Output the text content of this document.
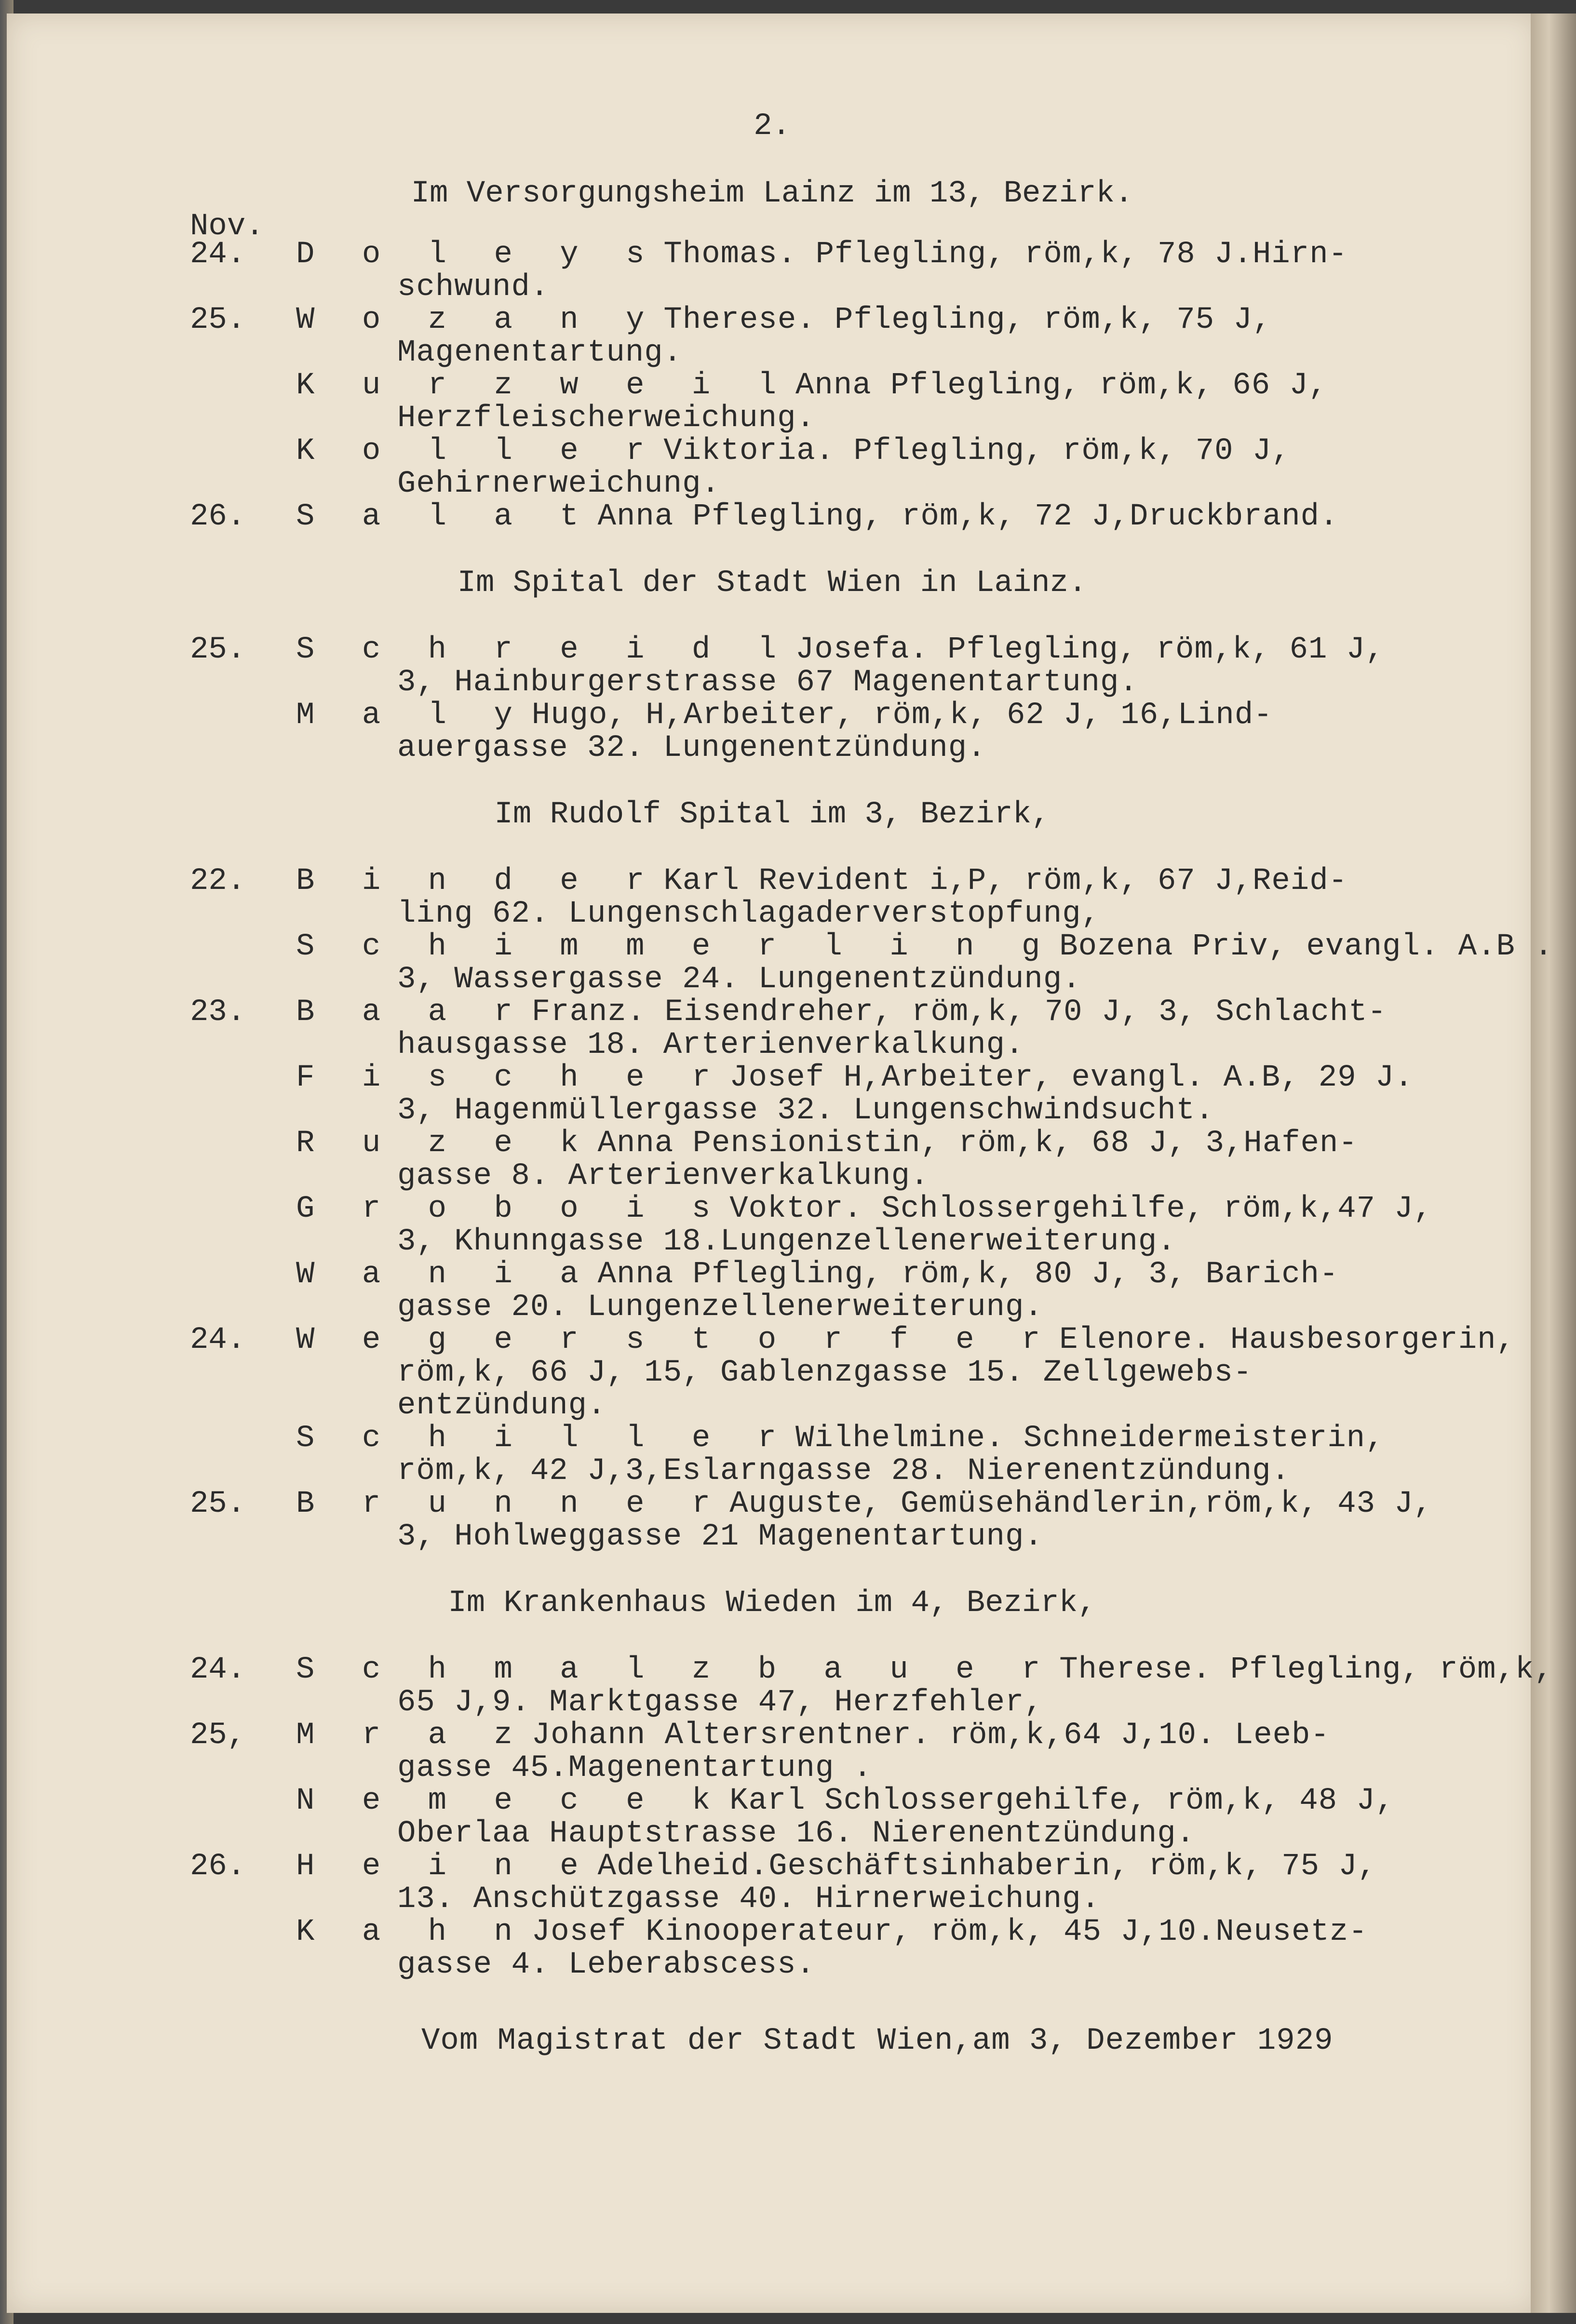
2.
Im Versorgungsheim Lainz im 13, Bezirk.
Nov.
24. D o l e y s Thomas. Pflegling, röm,k, 78 J.Hirn-
schwund.
25. W o z a n y Therese. Pflegling, röm,k, 75 J,
Magenentartung.
K u r z w e i l Anna Pflegling, röm,k, 66 J,
Herzfleischerweichung.
K o l l e r Viktoria. Pflegling, röm,k, 70 J,
Gehirnerweichung.
26. S a l a t Anna Pflegling, röm,k, 72 J,Druckbrand.
Im Spital der Stadt Wien in Lainz.
25. S c h r e i d l Josefa. Pflegling, röm,k, 61 J,
3, Hainburgerstrasse 67 Magenentartung.
M a l y Hugo, H,Arbeiter, röm,k, 62 J, 16,Lind-
auergasse 32. Lungenentzündung.
Im Rudolf Spital im 3, Bezirk,
22. B i n d e r Karl Revident i,P, röm,k, 67 J,Reid-
ling 62. Lungenschlagaderverstopfung,
S c h i m m e r l i n g Bozena Priv, evangl. A.B .
3, Wassergasse 24. Lungenentzündung.
23. B a a r Franz. Eisendreher, röm,k, 70 J, 3, Schlacht-
hausgasse 18. Arterienverkalkung.
F i s c h e r Josef H,Arbeiter, evangl. A.B, 29 J.
3, Hagenmüllergasse 32. Lungenschwindsucht.
R u z e k Anna Pensionistin, röm,k, 68 J, 3,Hafen-
gasse 8. Arterienverkalkung.
G r o b o i s Voktor. Schlossergehilfe, röm,k,47 J,
3, Khunngasse 18.Lungenzellenerweiterung.
W a n i a Anna Pflegling, röm,k, 80 J, 3, Barich-
gasse 20. Lungenzellenerweiterung.
24. W e g e r s t o r f e r Elenore. Hausbesorgerin,
röm,k, 66 J, 15, Gablenzgasse 15. Zellgewebs-
entzündung.
S c h i l l e r Wilhelmine. Schneidermeisterin,
röm,k, 42 J,3,Eslarngasse 28. Nierenentzündung.
25. B r u n n e r Auguste, Gemüsehändlerin,röm,k, 43 J,
3, Hohlweggasse 21 Magenentartung.
Im Krankenhaus Wieden im 4, Bezirk,
24. S c h m a l z b a u e r Therese. Pflegling, röm,k,
65 J,9. Marktgasse 47, Herzfehler,
25, M r a z Johann Altersrentner. röm,k,64 J,10. Leeb-
gasse 45.Magenentartung .
N e m e c e k Karl Schlossergehilfe, röm,k, 48 J,
Oberlaa Hauptstrasse 16. Nierenentzündung.
26. H e i n e Adelheid.Geschäftsinhaberin, röm,k, 75 J,
13. Anschützgasse 40. Hirnerweichung.
K a h n Josef Kinooperateur, röm,k, 45 J,10.Neusetz-
gasse 4. Leberabscess.
Vom Magistrat der Stadt Wien,am 3, Dezember 1929
